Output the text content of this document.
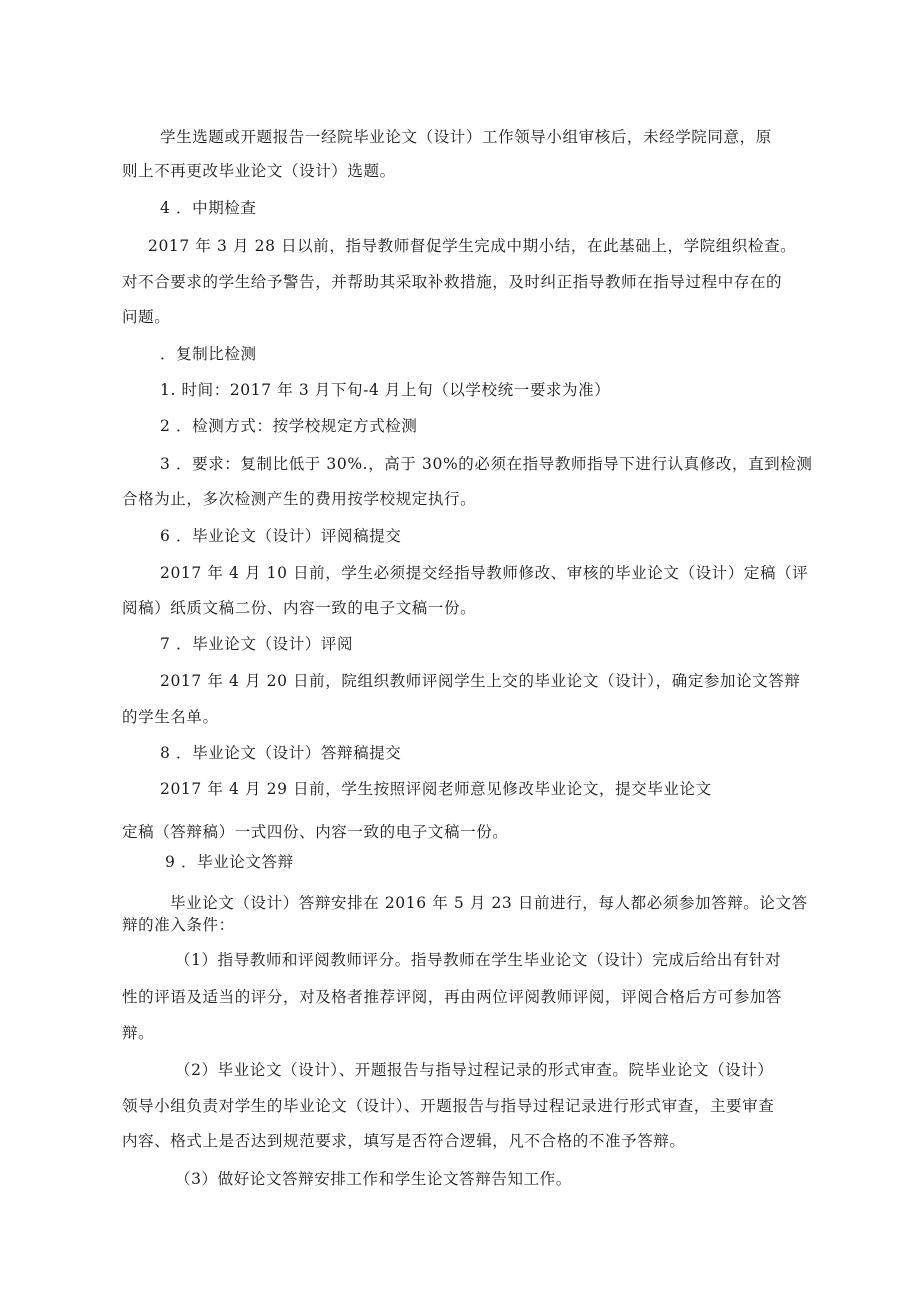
学生选题或开题报告一经院毕业论文（设计）工作领导小组审核后，未经学院同意，原

则上不再更改毕业论文（设计）选题。

4 ．中期检查

2017 年 3 月 28 日以前，指导教师督促学生完成中期小结，在此基础上，学院组织检查。

对不合要求的学生给予警告，并帮助其采取补救措施，及时纠正指导教师在指导过程中存在的

问题。

．复制比检测

1. 时间：2017 年 3 月下旬-4 月上旬（以学校统一要求为准）

2 ．检测方式：按学校规定方式检测

3 ．要求：复制比低于 30%.，高于 30%的必须在指导教师指导下进行认真修改，直到检测

合格为止，多次检测产生的费用按学校规定执行。

6 ．毕业论文（设计）评阅稿提交

2017 年 4 月 10 日前，学生必须提交经指导教师修改、审核的毕业论文（设计）定稿（评

阅稿）纸质文稿二份、内容一致的电子文稿一份。

7 ．毕业论文（设计）评阅

2017 年 4 月 20 日前，院组织教师评阅学生上交的毕业论文（设计），确定参加论文答辩

的学生名单。

8 ．毕业论文（设计）答辩稿提交

2017 年 4 月 29 日前，学生按照评阅老师意见修改毕业论文，提交毕业论文

定稿（答辩稿）一式四份、内容一致的电子文稿一份。

9 ．毕业论文答辩

毕业论文（设计）答辩安排在 2016 年 5 月 23 日前进行，每人都必须参加答辩。论文答

辩的准入条件：

（1）指导教师和评阅教师评分。指导教师在学生毕业论文（设计）完成后给出有针对

性的评语及适当的评分，对及格者推荐评阅，再由两位评阅教师评阅，评阅合格后方可参加答

辩。

（2）毕业论文（设计）、开题报告与指导过程记录的形式审查。院毕业论文（设计）

领导小组负责对学生的毕业论文（设计）、开题报告与指导过程记录进行形式审查，主要审查

内容、格式上是否达到规范要求，填写是否符合逻辑，凡不合格的不准予答辩。

（3）做好论文答辩安排工作和学生论文答辩告知工作。
